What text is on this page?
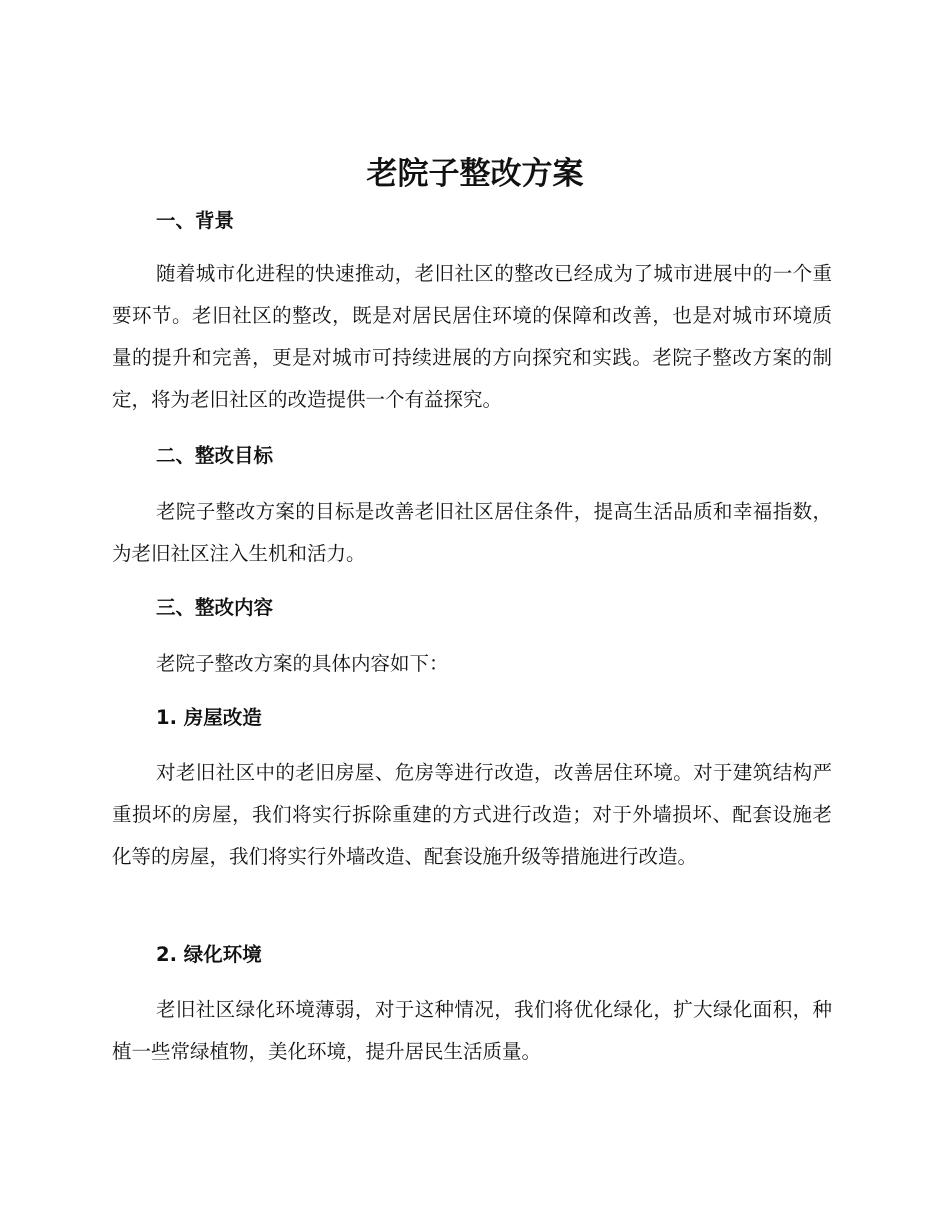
老院子整改方案
一、背景

随着城市化进程的快速推动，老旧社区的整改已经成为了城市进展中的一个重要环节。老旧社区的整改，既是对居民居住环境的保障和改善，也是对城市环境质量的提升和完善，更是对城市可持续进展的方向探究和实践。老院子整改方案的制定，将为老旧社区的改造提供一个有益探究。

二、整改目标

老院子整改方案的目标是改善老旧社区居住条件，提高生活品质和幸福指数，为老旧社区注入生机和活力。

三、整改内容

老院子整改方案的具体内容如下：

1. 房屋改造

对老旧社区中的老旧房屋、危房等进行改造，改善居住环境。对于建筑结构严重损坏的房屋，我们将实行拆除重建的方式进行改造；对于外墙损坏、配套设施老化等的房屋，我们将实行外墙改造、配套设施升级等措施进行改造。

2. 绿化环境

老旧社区绿化环境薄弱，对于这种情况，我们将优化绿化，扩大绿化面积，种植一些常绿植物，美化环境，提升居民生活质量。
